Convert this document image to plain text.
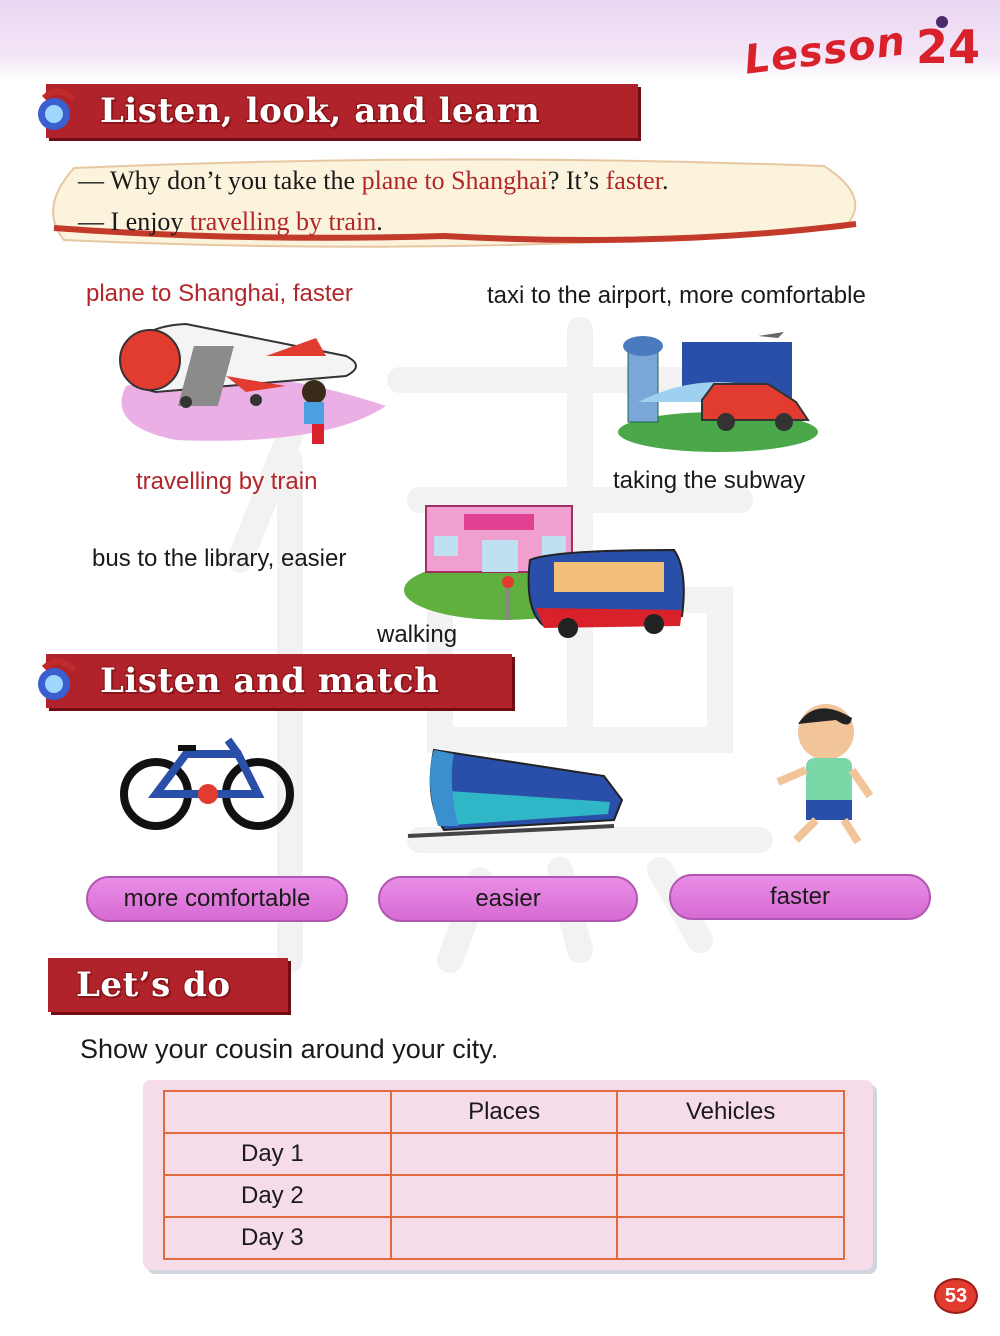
Lesson 24
Listen, look, and learn
— Why don’t you take the plane to Shanghai? It’s faster.
— I enjoy travelling by train.
plane to Shanghai, faster	taxi to the airport, more comfortable
travelling by train	taking the subway
bus to the library, easier
walking
Listen and match
more comfortable	easier	faster
Let’s do
Show your cousin around your city.
	Places	Vehicles
Day 1		
Day 2		
Day 3		
53
